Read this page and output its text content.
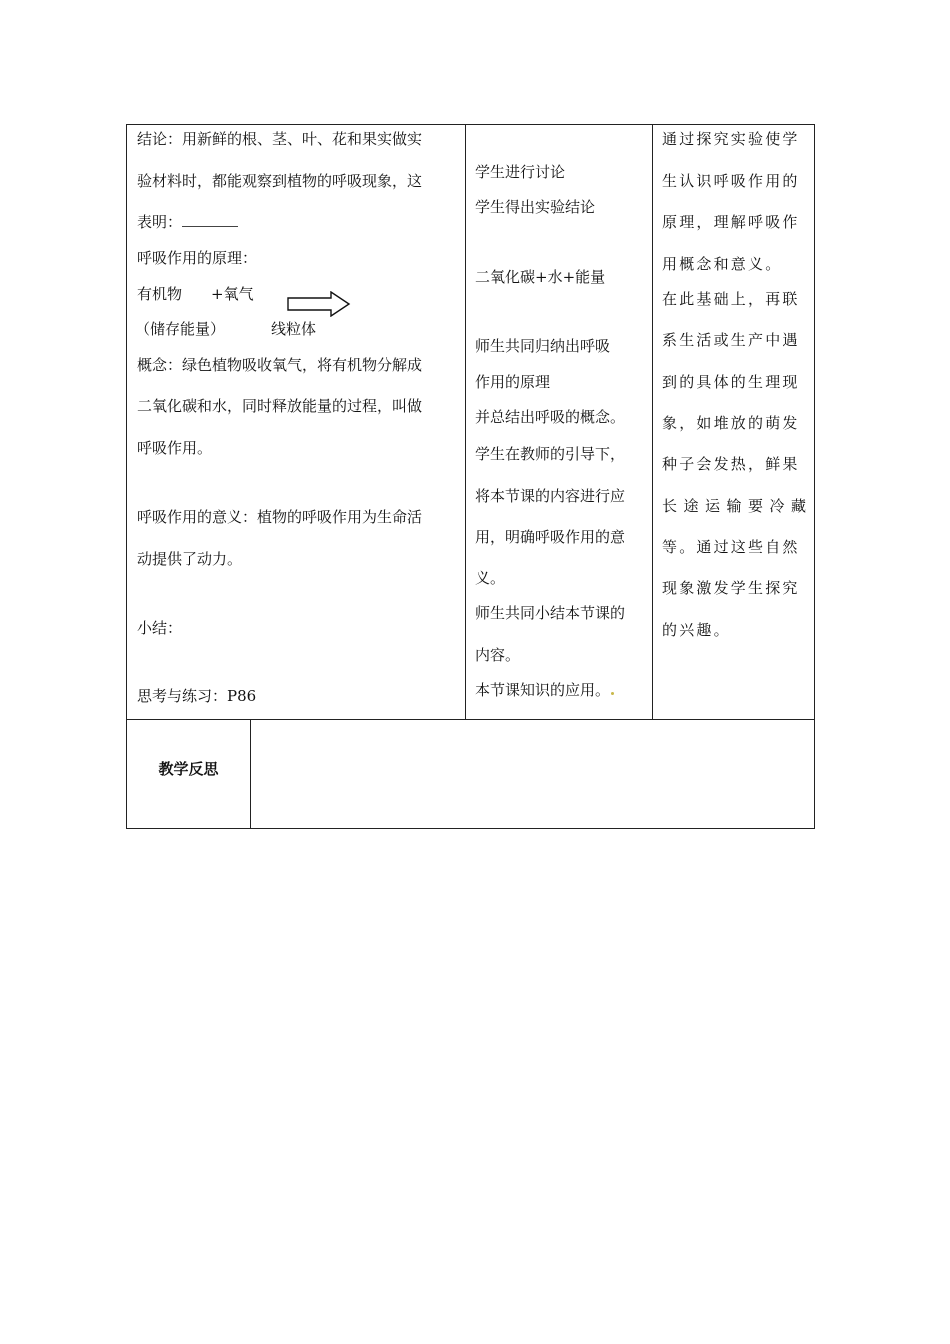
结论：用新鲜的根、茎、叶、花和果实做实
验材料时，都能观察到植物的呼吸现象，这
表明：
呼吸作用的原理：
有机物 +氧气
（储存能量）	线粒体
概念：绿色植物吸收氧气，将有机物分解成
二氧化碳和水，同时释放能量的过程，叫做
呼吸作用。
呼吸作用的意义：植物的呼吸作用为生命活
动提供了动力。
小结：
思考与练习：P86
学生进行讨论
学生得出实验结论
二氧化碳+水+能量
师生共同归纳出呼吸
作用的原理
并总结出呼吸的概念。
学生在教师的引导下，
将本节课的内容进行应
用，明确呼吸作用的意
义。
师生共同小结本节课的
内容。
本节课知识的应用。
通过探究实验使学
生认识呼吸作用的
原理，理解呼吸作
用概念和意义。
在此基础上，再联
系生活或生产中遇
到的具体的生理现
象，如堆放的萌发
种子会发热，鲜果
长途运输要冷藏
等。通过这些自然
现象激发学生探究
的兴趣。
教学反思
